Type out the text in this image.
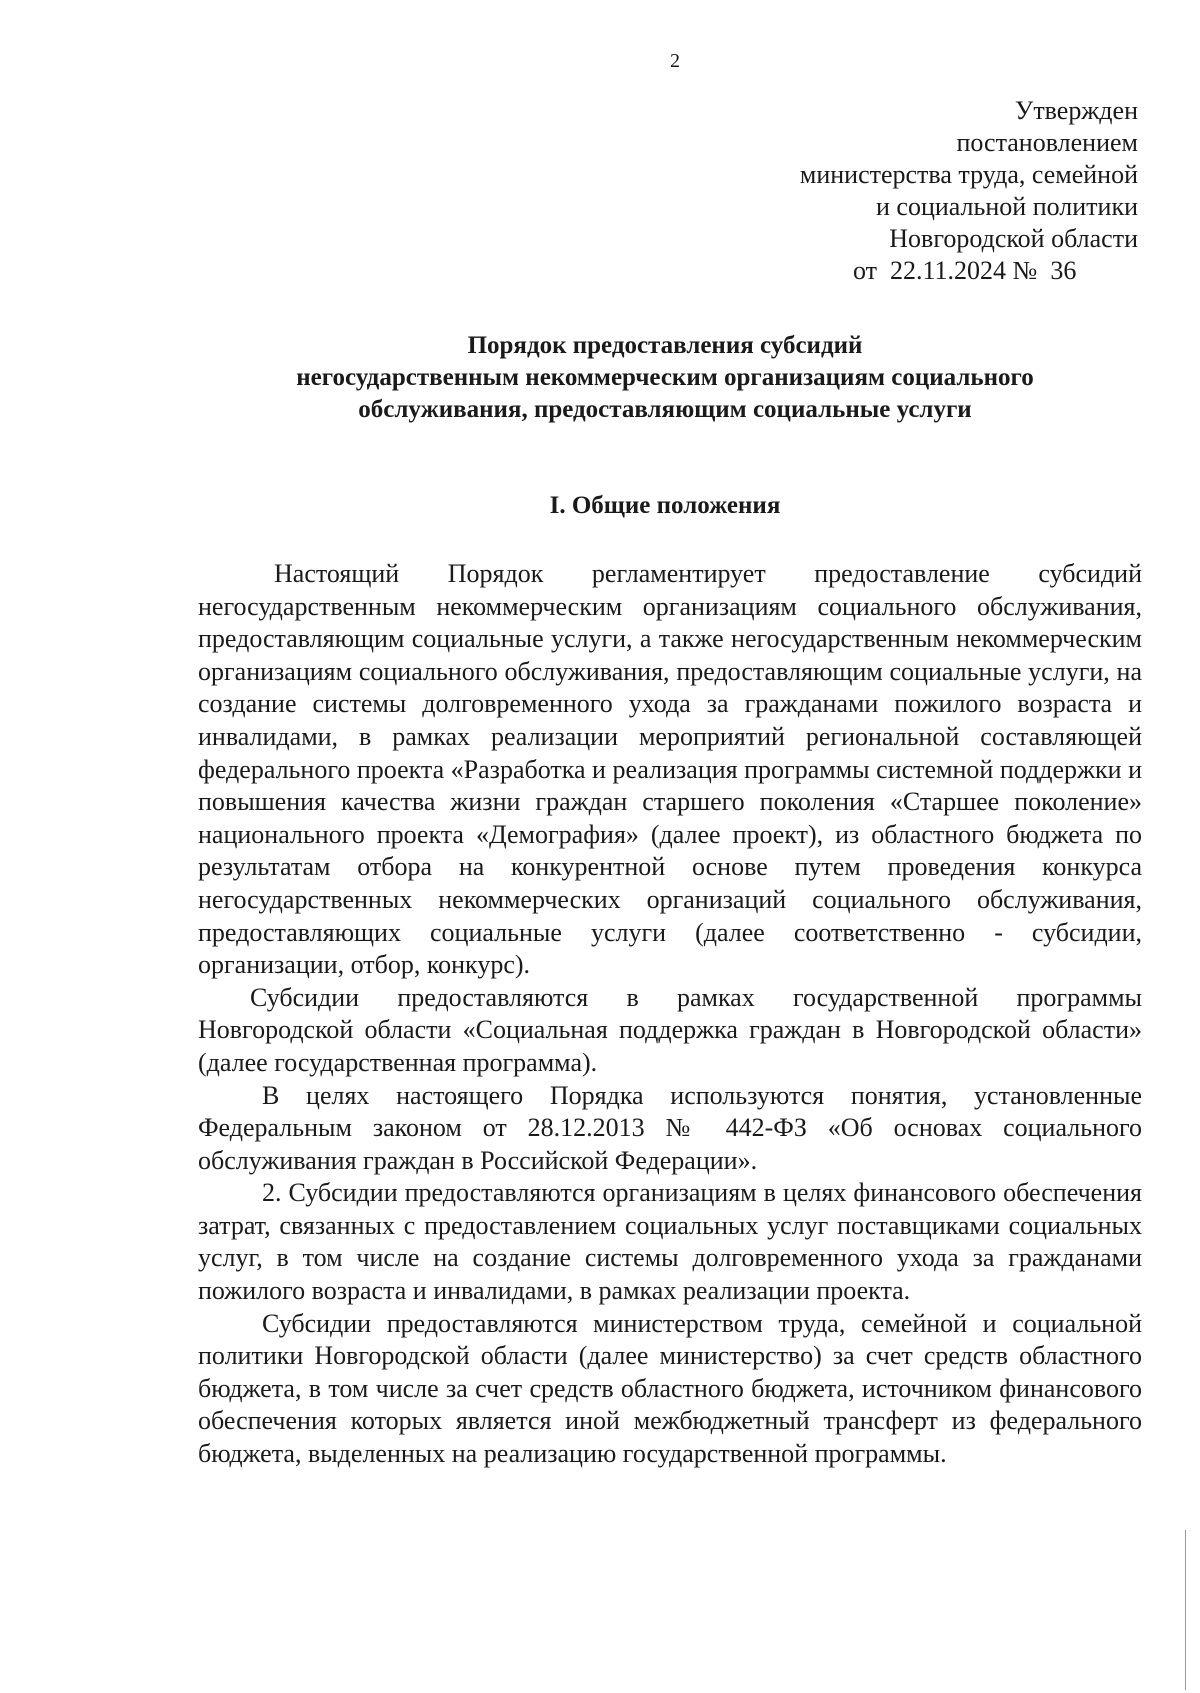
2
Утвержден
постановлением
министерства труда, семейной
и социальной политики
Новгородской области
от  22.11.2024 №  36
Порядок предоставления субсидий
негосударственным некоммерческим организациям социального
обслуживания, предоставляющим социальные услуги
I. Общие положения

Настоящий Порядок регламентирует предоставление субсидий негосударственным некоммерческим организациям социального обслуживания, предоставляющим социальные услуги, а также негосударственным некоммерческим организациям социального обслуживания, предоставляющим социальные услуги, на создание системы долговременного ухода за гражданами пожилого возраста и инвалидами, в рамках реализации мероприятий региональной составляющей федерального проекта «Разработка и реализация программы системной поддержки и повышения качества жизни граждан старшего поколения «Старшее поколение» национального проекта «Демография» (далее проект), из областного бюджета по результатам отбора на конкурентной основе путем проведения конкурса негосударственных некоммерческих организаций социального обслуживания, предоставляющих социальные услуги (далее соответственно - субсидии, организации, отбор, конкурс).

Субсидии предоставляются в рамках государственной программы Новгородской области «Социальная поддержка граждан в Новгородской области» (далее государственная программа).

В целях настоящего Порядка используются понятия, установленные Федеральным законом от 28.12.2013 № 442-ФЗ «Об основах социального обслуживания граждан в Российской Федерации».

2. Субсидии предоставляются организациям в целях финансового обеспечения затрат, связанных с предоставлением социальных услуг поставщиками социальных услуг, в том числе на создание системы долговременного ухода за гражданами пожилого возраста и инвалидами, в рамках реализации проекта.

Субсидии предоставляются министерством труда, семейной и социальной политики Новгородской области (далее министерство) за счет средств областного бюджета, в том числе за счет средств областного бюджета, источником финансового обеспечения которых является иной межбюджетный трансферт из федерального бюджета, выделенных на реализацию государственной программы.
